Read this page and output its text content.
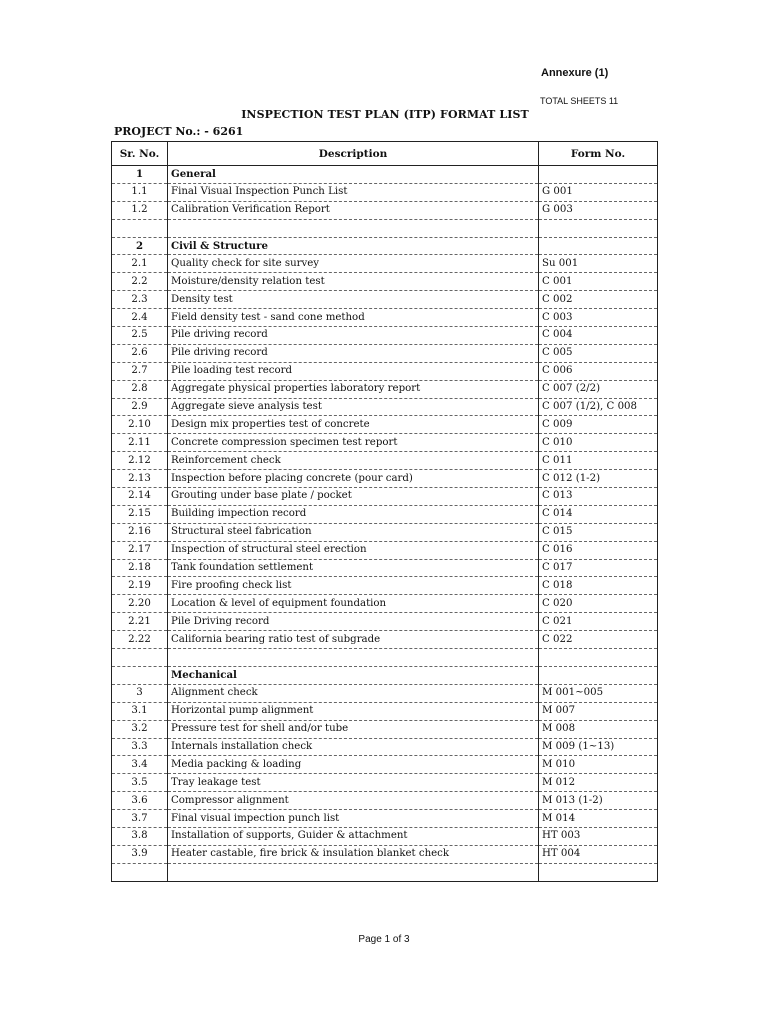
Annexure (1)
TOTAL SHEETS 11
INSPECTION TEST PLAN (ITP) FORMAT LIST
PROJECT No.: - 6261
Sr. No.	Description	Form No.
1	General	
1.1	Final Visual Inspection Punch List	G 001
1.2	Calibration Verification Report	G 003

2	Civil & Structure	
2.1	Quality check for site survey	Su 001
2.2	Moisture/density relation test	C 001
2.3	Density test	C 002
2.4	Field density test - sand cone method	C 003
2.5	Pile driving record	C 004
2.6	Pile driving record	C 005
2.7	Pile loading test record	C 006
2.8	Aggregate physical properties laboratory report	C 007 (2/2)
2.9	Aggregate sieve analysis test	C 007 (1/2), C 008
2.10	Design mix properties test of concrete	C 009
2.11	Concrete compression specimen test report	C 010
2.12	Reinforcement check	C 011
2.13	Inspection before placing concrete (pour card)	C 012 (1-2)
2.14	Grouting under base plate / pocket	C 013
2.15	Building impection record	C 014
2.16	Structural steel fabrication	C 015
2.17	Inspection of structural steel erection	C 016
2.18	Tank foundation settlement	C 017
2.19	Fire proofing check list	C 018
2.20	Location & level of equipment foundation	C 020
2.21	Pile Driving record	C 021
2.22	California bearing ratio test of subgrade	C 022

	Mechanical	
3	Alignment check	M 001~005
3.1	Horizontal pump alignment	M 007
3.2	Pressure test for shell and/or tube	M 008
3.3	Internals installation check	M 009 (1~13)
3.4	Media packing & loading	M 010
3.5	Tray leakage test	M 012
3.6	Compressor alignment	M 013 (1-2)
3.7	Final visual impection punch list	M 014
3.8	Installation of supports, Guider & attachment	HT 003
3.9	Heater castable, fire brick & insulation blanket check	HT 004

Page 1 of 3
